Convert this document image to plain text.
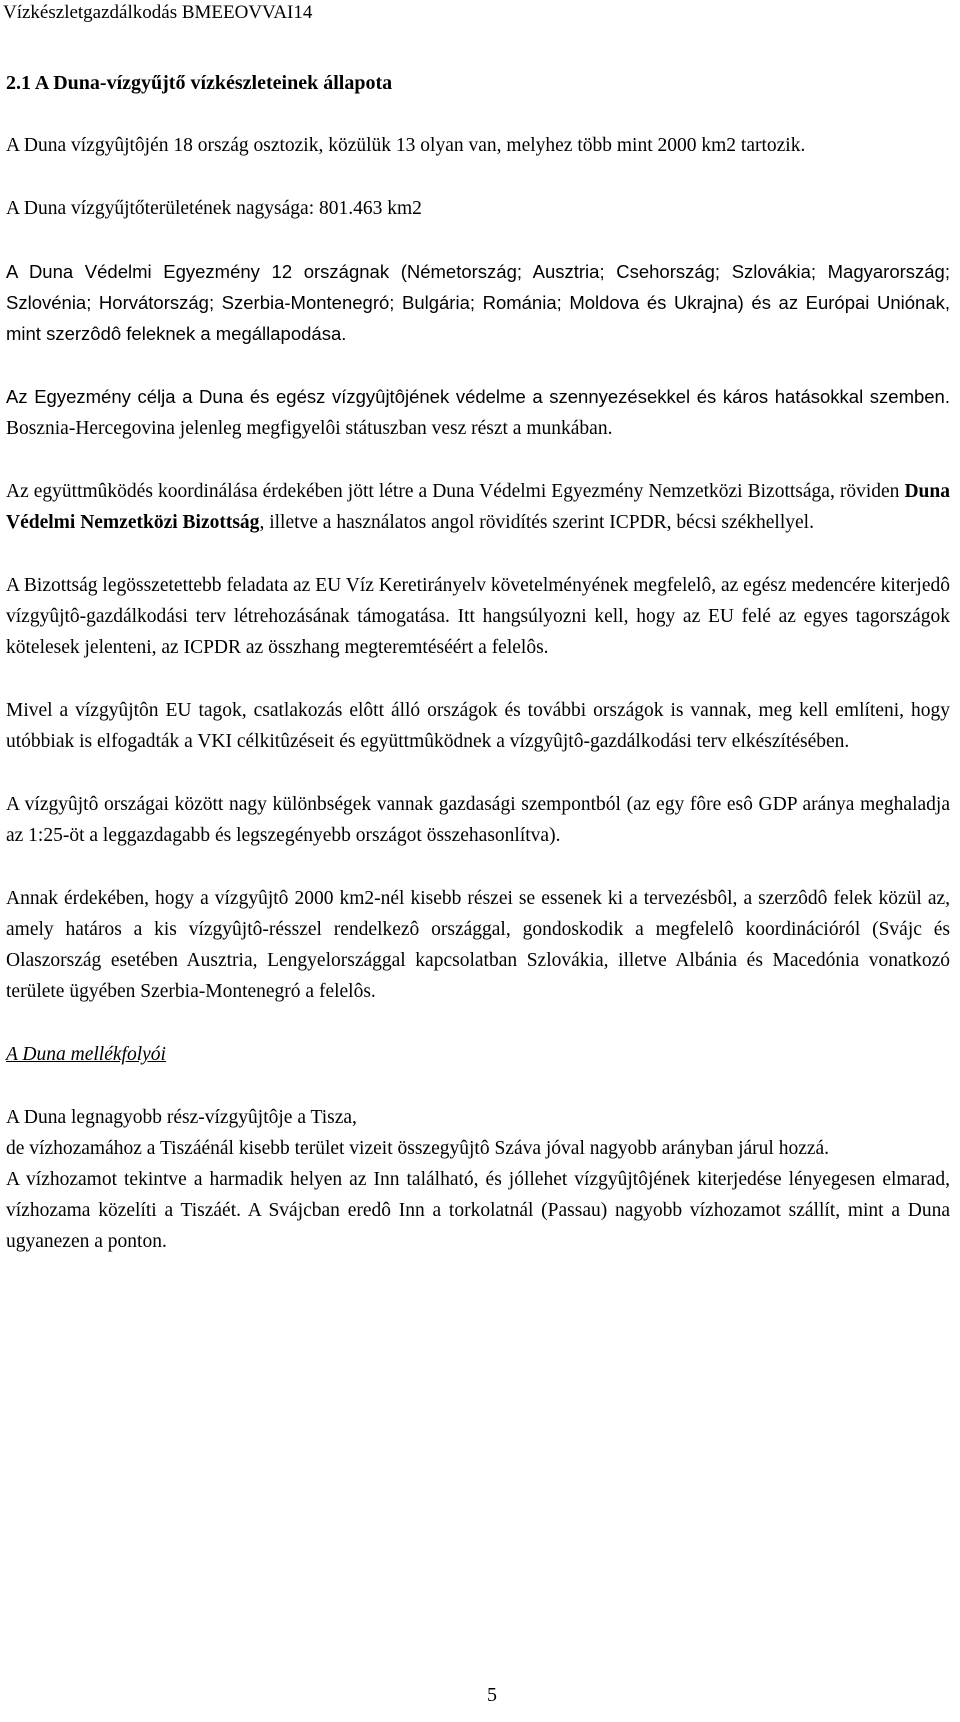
Vízkészletgazdálkodás BMEEOVVAI14
2.1 A Duna-vízgyűjtő vízkészleteinek állapota

A Duna vízgyûjtôjén 18 ország osztozik, közülük 13 olyan van, melyhez több mint 2000 km2 tartozik.

A Duna vízgyűjtőterületének nagysága: 801.463 km2

A Duna Védelmi Egyezmény 12 országnak (Németország; Ausztria; Csehország; Szlovákia; Magyarország; Szlovénia; Horvátország; Szerbia-Montenegró; Bulgária; Románia; Moldova és Ukrajna) és az Európai Uniónak, mint szerzôdô feleknek a megállapodása.

Az Egyezmény célja a Duna és egész vízgyûjtôjének védelme a szennyezésekkel és káros hatásokkal szemben. Bosznia-Hercegovina jelenleg megfigyelôi státuszban vesz részt a munkában.

Az együttmûködés koordinálása érdekében jött létre a Duna Védelmi Egyezmény Nemzetközi Bizottsága, röviden Duna Védelmi Nemzetközi Bizottság, illetve a használatos angol rövidítés szerint ICPDR, bécsi székhellyel.

A Bizottság legösszetettebb feladata az EU Víz Keretirányelv követelményének megfelelô, az egész medencére kiterjedô vízgyûjtô-gazdálkodási terv létrehozásának támogatása. Itt hangsúlyozni kell, hogy az EU felé az egyes tagországok kötelesek jelenteni, az ICPDR az összhang megteremtéséért a felelôs.

Mivel a vízgyûjtôn EU tagok, csatlakozás elôtt álló országok és további országok is vannak, meg kell említeni, hogy utóbbiak is elfogadták a VKI célkitûzéseit és együttmûködnek a vízgyûjtô-gazdálkodási terv elkészítésében.

A vízgyûjtô országai között nagy különbségek vannak gazdasági szempontból (az egy fôre esô GDP aránya meghaladja az 1:25-öt a leggazdagabb és legszegényebb országot összehasonlítva).

Annak érdekében, hogy a vízgyûjtô 2000 km2-nél kisebb részei se essenek ki a tervezésbôl, a szerzôdô felek közül az, amely határos a kis vízgyûjtô-résszel rendelkezô országgal, gondoskodik a megfelelô koordinációról (Svájc és Olaszország esetében Ausztria, Lengyelországgal kapcsolatban Szlovákia, illetve Albánia és Macedónia vonatkozó területe ügyében Szerbia-Montenegró a felelôs.

A Duna mellékfolyói

A Duna legnagyobb rész-vízgyûjtôje a Tisza,

de vízhozamához a Tiszáénál kisebb terület vizeit összegyûjtô Száva jóval nagyobb arányban járul hozzá.

A vízhozamot tekintve a harmadik helyen az Inn található, és jóllehet vízgyûjtôjének kiterjedése lényegesen elmarad, vízhozama közelíti a Tiszáét. A Svájcban eredô Inn a torkolatnál (Passau) nagyobb vízhozamot szállít, mint a Duna ugyanezen a ponton.

5
